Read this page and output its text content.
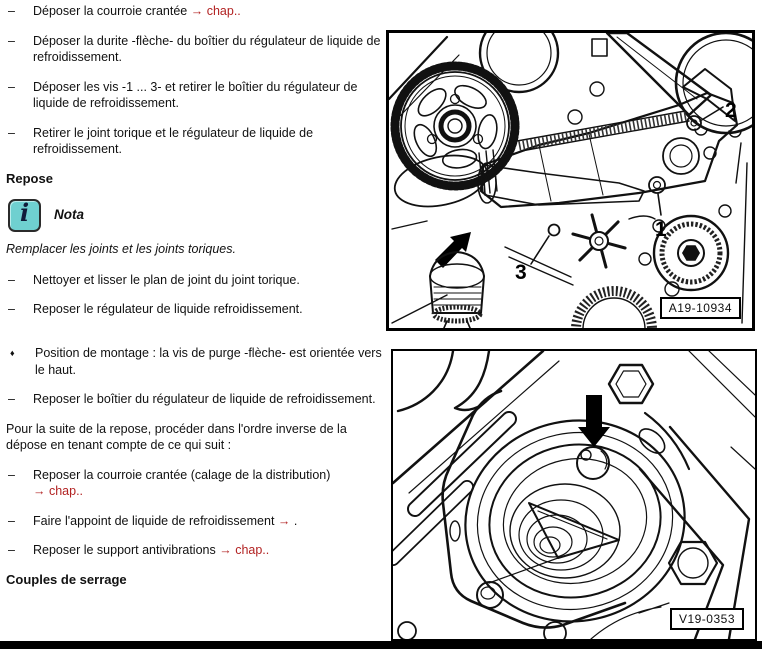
–	Déposer la courroie crantée → chap..
–	Déposer la durite -flèche- du boîtier du régulateur de liquide de refroidissement.
–	Déposer les vis -1 ... 3- et retirer le boîtier du régulateur de liquide de refroidissement.
–	Retirer le joint torique et le régulateur de liquide de refroidissement.
Repose
i Nota

Remplacer les joints et les joints toriques.

–	Nettoyer et lisser le plan de joint du joint torique.
–	Reposer le régulateur de liquide refroidissement.
♦	Position de montage : la vis de purge -flèche- est orientée vers le haut.
–	Reposer le boîtier du régulateur de liquide de refroidissement.

Pour la suite de la repose, procéder dans l'ordre inverse de la dépose en tenant compte de ce qui suit :

–	Reposer la courroie crantée (calage de la distribution)
→ chap..
–	Faire l'appoint de liquide de refroidissement → .
–	Reposer le support antivibrations → chap..
Couples de serrage
2
1
3
A19-10934
V19-0353
